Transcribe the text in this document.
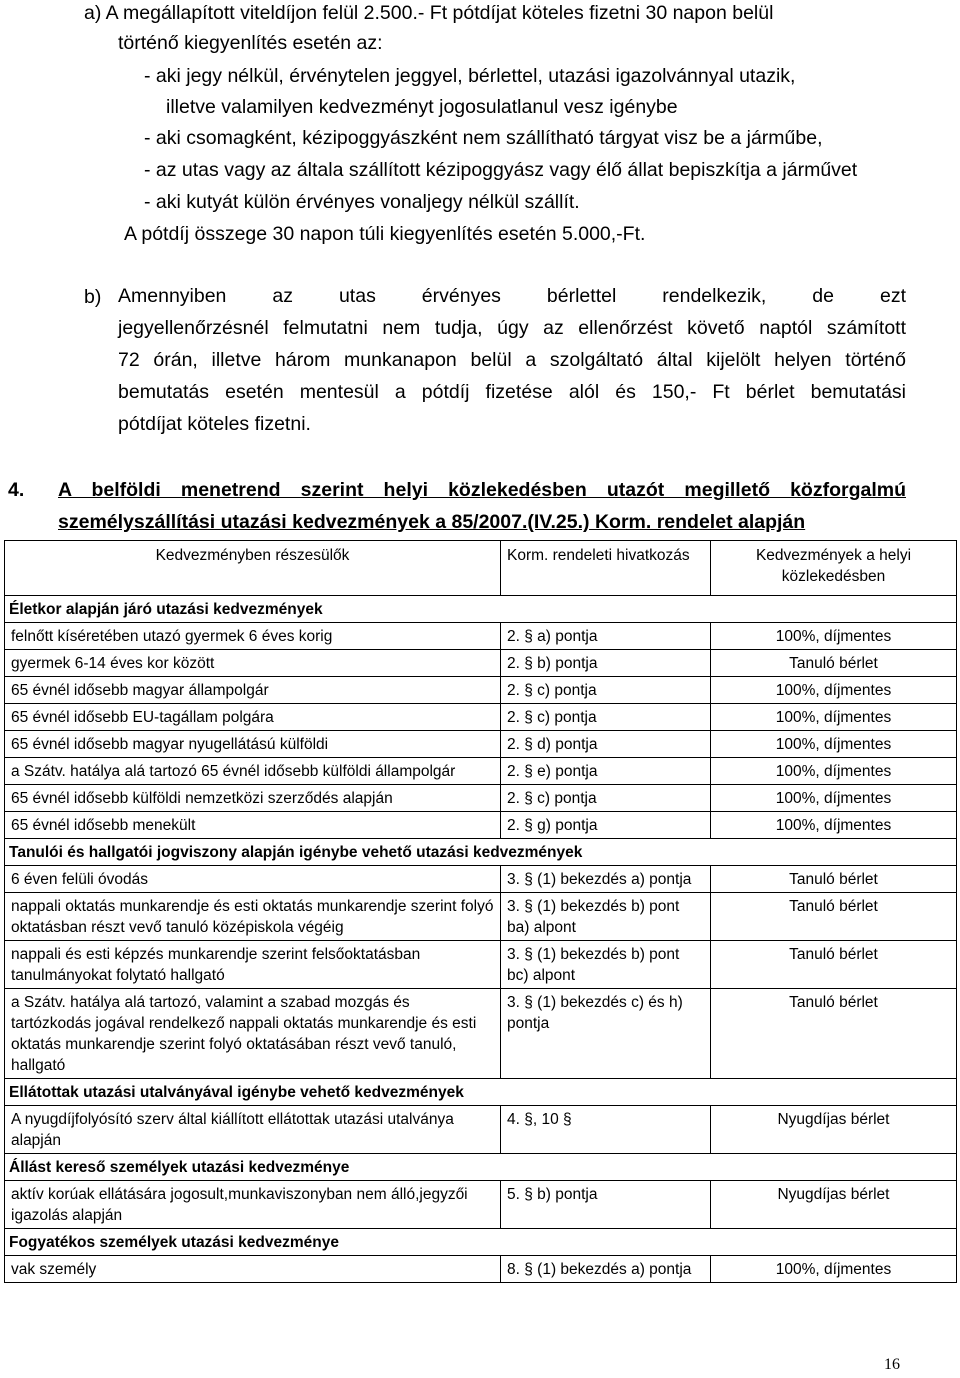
a) A megállapított viteldíjon felül 2.500.- Ft pótdíjat köteles fizetni 30 napon belül
történő kiegyenlítés esetén az:
- aki jegy nélkül, érvénytelen jeggyel, bérlettel, utazási igazolvánnyal utazik,
illetve valamilyen kedvezményt jogosulatlanul vesz igénybe
- aki csomagként, kézipoggyászként nem szállítható tárgyat visz be a járműbe,
- az utas vagy az általa szállított kézipoggyász vagy élő állat bepiszkítja a járművet
- aki kutyát külön érvényes vonaljegy nélkül szállít.
A pótdíj összege 30 napon túli kiegyenlítés esetén 5.000,-Ft.
b) Amennyiben az utas érvényes bérlettel rendelkezik, de ezt
jegyellenőrzésnél felmutatni nem tudja, úgy az ellenőrzést követő naptól számított
72 órán, illetve három munkanapon belül a szolgáltató által kijelölt helyen történő
bemutatás esetén mentesül a pótdíj fizetése alól és 150,- Ft bérlet bemutatási
pótdíjat köteles fizetni.
4. A belföldi menetrend szerint helyi közlekedésben utazót megillető közforgalmú
személyszállítási utazási kedvezmények a 85/2007.(IV.25.) Korm. rendelet alapján
Kedvezményben részesülők	Korm. rendeleti hivatkozás	Kedvezmények a helyi közlekedésben
Életkor alapján járó utazási kedvezmények		
felnőtt kíséretében utazó gyermek 6 éves korig	2. § a) pontja	100%, díjmentes
gyermek 6-14 éves kor között	2. § b) pontja	Tanuló bérlet
65 évnél idősebb magyar állampolgár	2. § c) pontja	100%, díjmentes
65 évnél idősebb EU-tagállam polgára	2. § c) pontja	100%, díjmentes
65 évnél idősebb magyar nyugellátású külföldi	2. § d) pontja	100%, díjmentes
a Szátv. hatálya alá tartozó 65 évnél idősebb külföldi állampolgár	2. § e) pontja	100%, díjmentes
65 évnél idősebb külföldi nemzetközi szerződés alapján	2. § c) pontja	100%, díjmentes
65 évnél idősebb menekült	2. § g) pontja	100%, díjmentes
Tanulói és hallgatói jogviszony alapján igénybe vehető utazási kedvezmények		
6 éven felüli óvodás	3. § (1) bekezdés a) pontja	Tanuló bérlet
nappali oktatás munkarendje és esti oktatás munkarendje szerint folyó oktatásban részt vevő tanuló középiskola végéig	3. § (1) bekezdés b) pont ba) alpont	Tanuló bérlet
nappali és esti képzés munkarendje szerint felsőoktatásban tanulmányokat folytató hallgató	3. § (1) bekezdés b) pont bc) alpont	Tanuló bérlet
a Szátv. hatálya alá tartozó, valamint a szabad mozgás és tartózkodás jogával rendelkező nappali oktatás munkarendje és esti oktatás munkarendje szerint folyó oktatásában részt vevő tanuló, hallgató	3. § (1) bekezdés c) és h) pontja	Tanuló bérlet
Ellátottak utazási utalványával igénybe vehető kedvezmények		
A nyugdíjfolyósító szerv által kiállított ellátottak utazási utalványa alapján	4. §, 10 §	Nyugdíjas bérlet
Állást kereső személyek utazási kedvezménye		
aktív korúak ellátására jogosult,munkaviszonyban nem álló,jegyzői igazolás alapján	5. § b) pontja	Nyugdíjas bérlet
Fogyatékos személyek utazási kedvezménye		
vak személy	8. § (1) bekezdés a) pontja	100%, díjmentes
16
